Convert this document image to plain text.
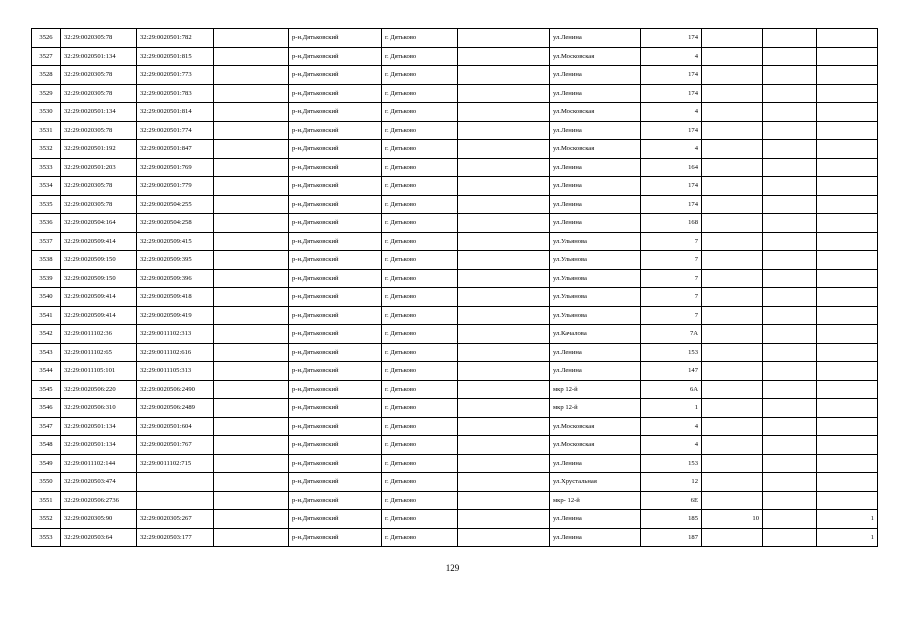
3526	32:29:0020305:78	32:29:0020501:782		р-н.Дятьковский	г. Дятьково		ул.Ленина	174			
3527	32:29:0020501:134	32:29:0020501:815		р-н.Дятьковский	г. Дятьково		ул.Московская	4			
3528	32:29:0020305:78	32:29:0020501:773		р-н.Дятьковский	г. Дятьково		ул.Ленина	174			
3529	32:29:0020305:78	32:29:0020501:783		р-н.Дятьковский	г. Дятьково		ул.Ленина	174			
3530	32:29:0020501:134	32:29:0020501:814		р-н.Дятьковский	г. Дятьково		ул.Московская	4			
3531	32:29:0020305:78	32:29:0020501:774		р-н.Дятьковский	г. Дятьково		ул.Ленина	174			
3532	32:29:0020501:192	32:29:0020501:847		р-н.Дятьковский	г. Дятьково		ул.Московская	4			
3533	32:29:0020501:203	32:29:0020501:769		р-н.Дятьковский	г. Дятьково		ул.Ленина	164			
3534	32:29:0020305:78	32:29:0020501:779		р-н.Дятьковский	г. Дятьково		ул.Ленина	174			
3535	32:29:0020305:78	32:29:0020504:255		р-н.Дятьковский	г. Дятьково		ул.Ленина	174			
3536	32:29:0020504:164	32:29:0020504:258		р-н.Дятьковский	г. Дятьково		ул.Ленина	168			
3537	32:29:0020509:414	32:29:0020509:415		р-н.Дятьковский	г. Дятьково		ул.Ульянова	7			
3538	32:29:0020509:150	32:29:0020509:395		р-н.Дятьковский	г. Дятьково		ул.Ульянова	7			
3539	32:29:0020509:150	32:29:0020509:396		р-н.Дятьковский	г. Дятьково		ул.Ульянова	7			
3540	32:29:0020509:414	32:29:0020509:418		р-н.Дятьковский	г. Дятьково		ул.Ульянова	7			
3541	32:29:0020509:414	32:29:0020509:419		р-н.Дятьковский	г. Дятьково		ул.Ульянова	7			
3542	32:29:0011102:36	32:29:0011102:313		р-н.Дятьковский	г. Дятьково		ул.Качалова	7А			
3543	32:29:0011102:65	32:29:0011102:616		р-н.Дятьковский	г. Дятьково		ул.Ленина	153			
3544	32:29:0011105:101	32:29:0011105:313		р-н.Дятьковский	г. Дятьково		ул.Ленина	147			
3545	32:29:0020506:220	32:29:0020506:2490		р-н.Дятьковский	г. Дятьково		мкр 12-й	6А			
3546	32:29:0020506:310	32:29:0020506:2489		р-н.Дятьковский	г. Дятьково		мкр 12-й	1			
3547	32:29:0020501:134	32:29:0020501:604		р-н.Дятьковский	г. Дятьково		ул.Московская	4			
3548	32:29:0020501:134	32:29:0020501:767		р-н.Дятьковский	г. Дятьково		ул.Московская	4			
3549	32:29:0011102:144	32:29:0011102:715		р-н.Дятьковский	г. Дятьково		ул.Ленина	153			
3550	32:29:0020503:474			р-н.Дятьковский	г. Дятьково		ул.Хрустальная	12			
3551	32:29:0020506:2736			р-н.Дятьковский	г. Дятьково		мкр- 12-й	6Е			
3552	32:29:0020305:90	32:29:0020305:267		р-н.Дятьковский	г. Дятьково		ул.Ленина	185	10		1
3553	32:29:0020503:64	32:29:0020503:177		р-н.Дятьковский	г. Дятьково		ул.Ленина	187			1
129
